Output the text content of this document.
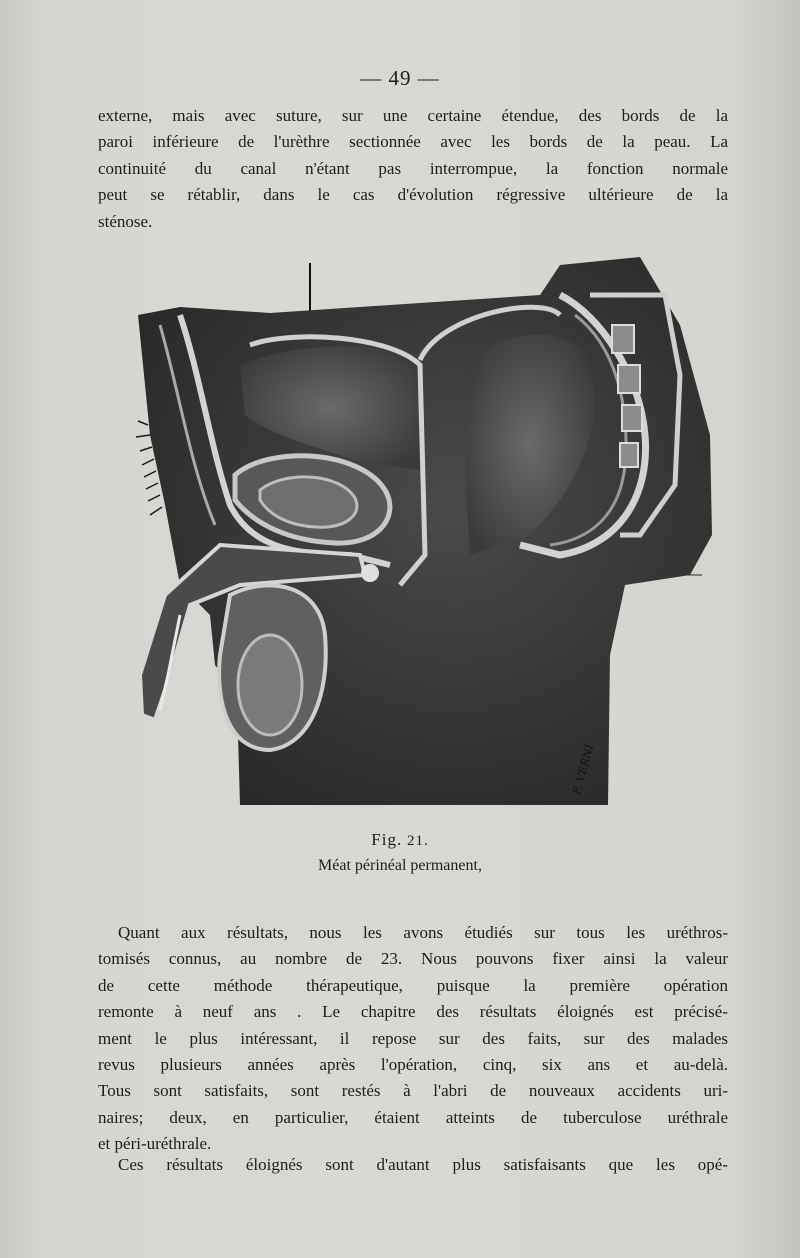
— 49 —

externe, mais avec suture, sur une certaine étendue, des bords de la
paroi inférieure de l'urèthre sectionnée avec les bords de la peau. La
continuité du canal n'étant pas interrompue, la fonction normale
peut se rétablir, dans le cas d'évolution régressive ultérieure de la
sténose.

F. VERNI
Fig. 21.
Méat périnéal permanent,

Quant aux résultats, nous les avons étudiés sur tous les uréthros-
tomisés connus, au nombre de 23. Nous pouvons fixer ainsi la valeur
de cette méthode thérapeutique, puisque la première opération
remonte à neuf ans . Le chapitre des résultats éloignés est précisé-
ment le plus intéressant, il repose sur des faits, sur des malades
revus plusieurs années après l'opération, cinq, six ans et au-delà.
Tous sont satisfaits, sont restés à l'abri de nouveaux accidents uri-
naires; deux, en particulier, étaient atteints de tuberculose uréthrale
et péri-uréthrale.

Ces résultats éloignés sont d'autant plus satisfaisants que les opé-
